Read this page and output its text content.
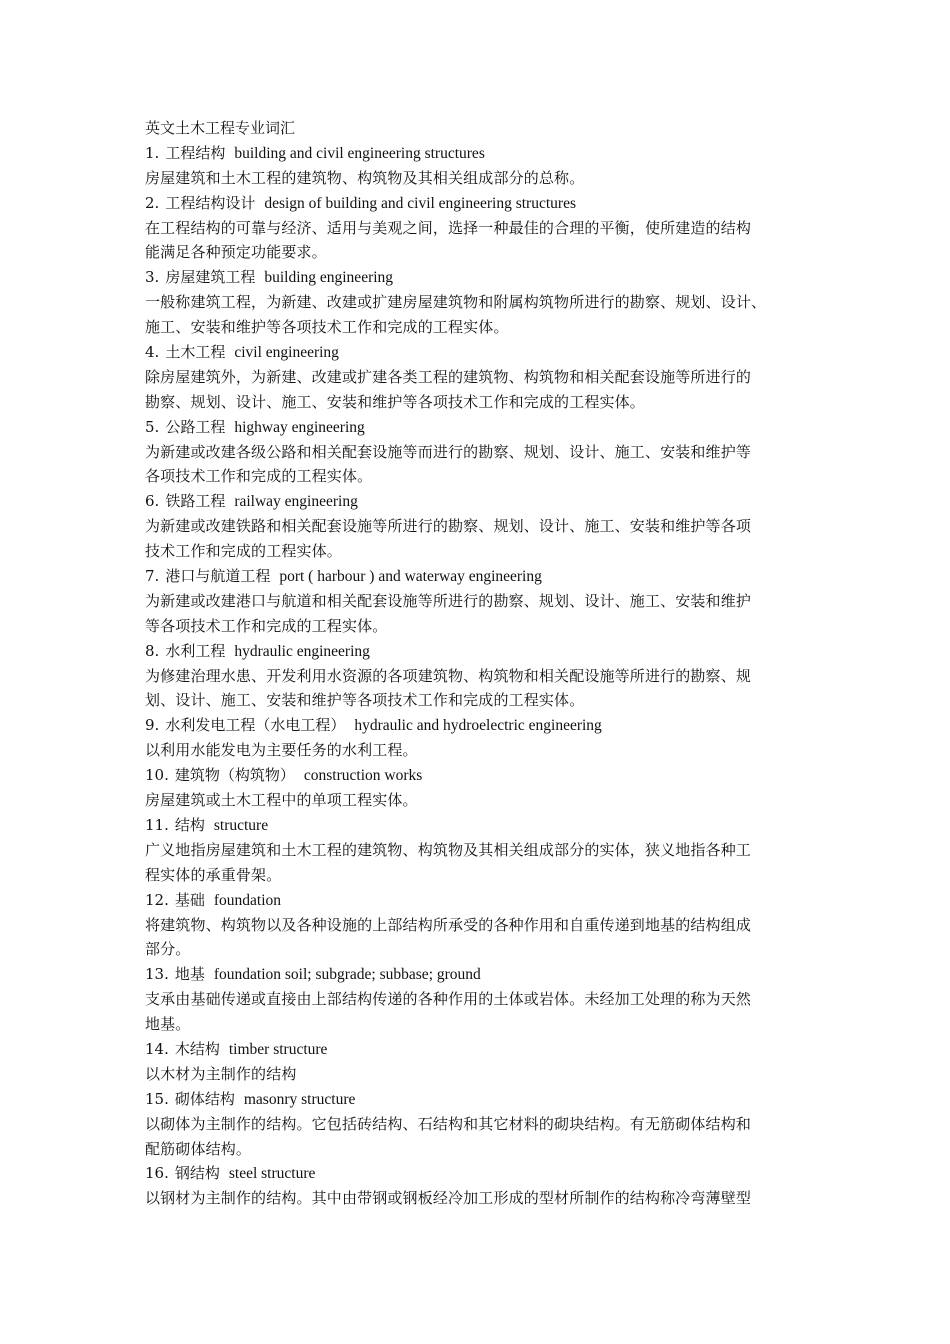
英文土木工程专业词汇
1. 工程结构 building and civil engineering structures
房屋建筑和土木工程的建筑物、构筑物及其相关组成部分的总称。
2. 工程结构设计 design of building and civil engineering structures
在工程结构的可靠与经济、适用与美观之间，选择一种最佳的合理的平衡，使所建造的结构
能满足各种预定功能要求。
3. 房屋建筑工程 building engineering
一般称建筑工程，为新建、改建或扩建房屋建筑物和附属构筑物所进行的勘察、规划、设计、
施工、安装和维护等各项技术工作和完成的工程实体。
4. 土木工程 civil engineering
除房屋建筑外，为新建、改建或扩建各类工程的建筑物、构筑物和相关配套设施等所进行的
勘察、规划、设计、施工、安装和维护等各项技术工作和完成的工程实体。
5. 公路工程 highway engineering
为新建或改建各级公路和相关配套设施等而进行的勘察、规划、设计、施工、安装和维护等
各项技术工作和完成的工程实体。
6. 铁路工程 railway engineering
为新建或改建铁路和相关配套设施等所进行的勘察、规划、设计、施工、安装和维护等各项
技术工作和完成的工程实体。
7. 港口与航道工程 port ( harbour ) and waterway engineering
为新建或改建港口与航道和相关配套设施等所进行的勘察、规划、设计、施工、安装和维护
等各项技术工作和完成的工程实体。
8. 水利工程 hydraulic engineering
为修建治理水患、开发利用水资源的各项建筑物、构筑物和相关配设施等所进行的勘察、规
划、设计、施工、安装和维护等各项技术工作和完成的工程实体。
9. 水利发电工程（水电工程） hydraulic and hydroelectric engineering
以利用水能发电为主要任务的水利工程。
10. 建筑物（构筑物） construction works
房屋建筑或土木工程中的单项工程实体。
11. 结构 structure
广义地指房屋建筑和土木工程的建筑物、构筑物及其相关组成部分的实体，狭义地指各种工
程实体的承重骨架。
12. 基础 foundation
将建筑物、构筑物以及各种设施的上部结构所承受的各种作用和自重传递到地基的结构组成
部分。
13. 地基 foundation soil; subgrade; subbase; ground
支承由基础传递或直接由上部结构传递的各种作用的土体或岩体。未经加工处理的称为天然
地基。
14. 木结构 timber structure
以木材为主制作的结构
15. 砌体结构 masonry structure
以砌体为主制作的结构。它包括砖结构、石结构和其它材料的砌块结构。有无筋砌体结构和
配筋砌体结构。
16. 钢结构 steel structure
以钢材为主制作的结构。其中由带钢或钢板经冷加工形成的型材所制作的结构称冷弯薄壁型
